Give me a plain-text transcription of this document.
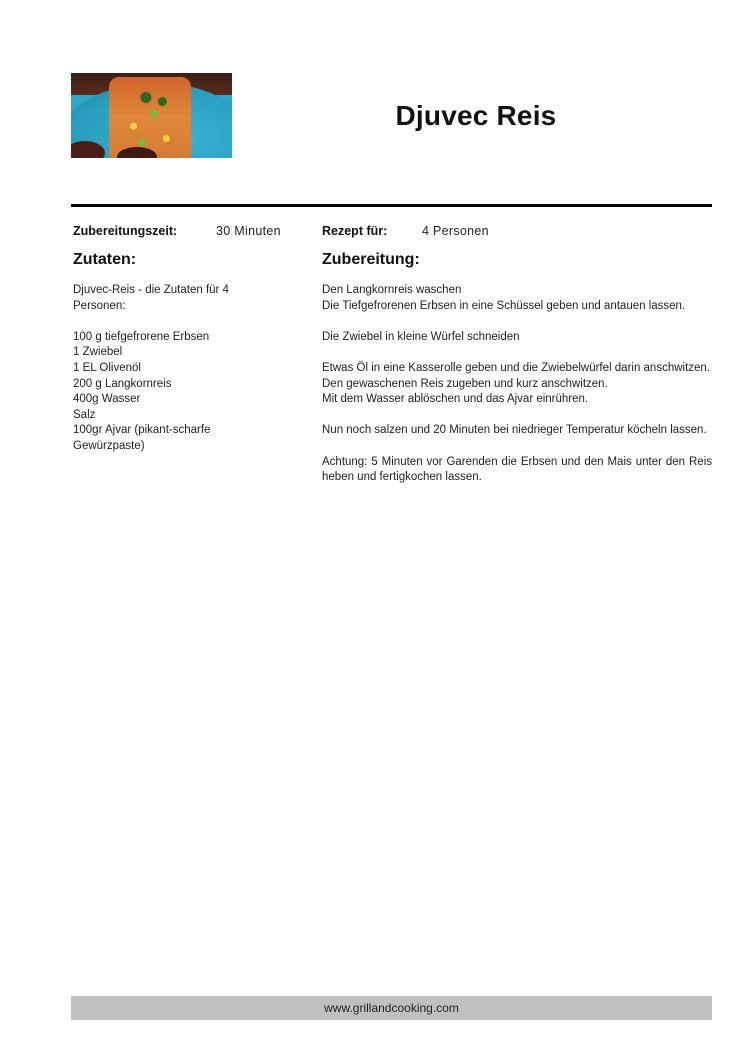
Djuvec Reis
Zubereitungszeit:	30 Minuten	Rezept für:	4 Personen
Zutaten:	Zubereitung:

Djuvec-Reis - die Zutaten für 4

Personen:

100 g tiefgefrorene Erbsen

1 Zwiebel

1 EL Olivenöl

200 g Langkornreis

400g Wasser

Salz

100gr Ajvar (pikant-scharfe

Gewürzpaste)

Den Langkornreis waschen

Die Tiefgefrorenen Erbsen in eine Schüssel geben und antauen lassen.

Die Zwiebel in kleine Würfel schneiden

Etwas Öl in eine Kasserolle geben und die Zwiebelwürfel darin anschwitzen.

Den gewaschenen Reis zugeben und kurz anschwitzen.

Mit dem Wasser ablöschen und das Ajvar einrühren.

Nun noch salzen und 20 Minuten bei niedrieger Temperatur köcheln lassen.

Achtung: 5 Minuten vor Garenden die Erbsen und den Mais unter den Reis heben und fertigkochen lassen.

www.grillandcooking.com
